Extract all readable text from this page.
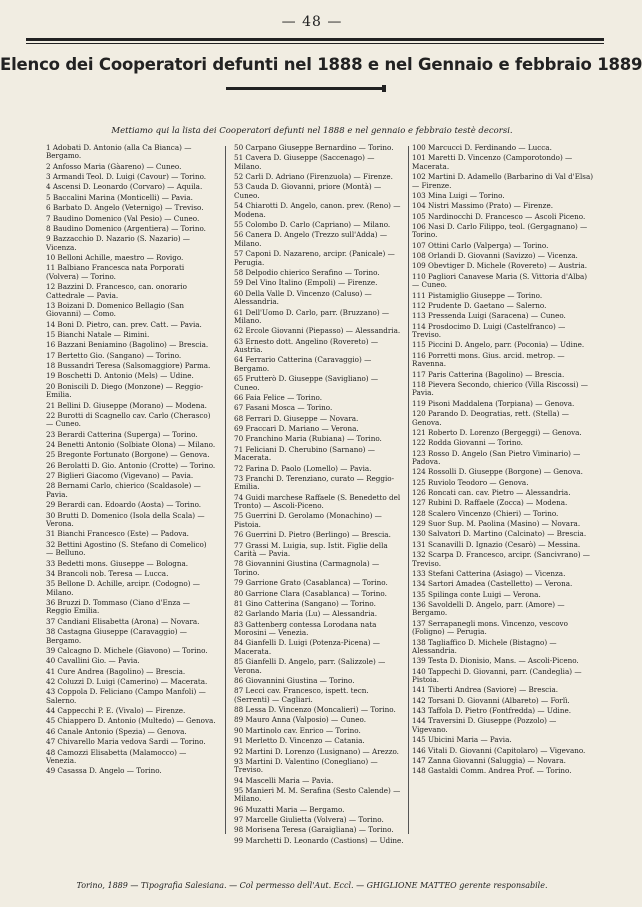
— 48 —
Elenco dei Cooperatori defunti nel 1888 e nel Gennaio e febbraio 1889
Mettiamo qui la lista dei Cooperatori defunti nel 1888 e nel gennaio e febbraio testè decorsi.
1 Adobati D. Antonio (alla Ca Bianca) — Bergamo.
2 Anfosso Maria (Gàareno) — Cuneo.
3 Armandi Teol. D. Luigi (Cavour) — Torino.
4 Ascensi D. Leonardo (Corvaro) — Aquila.
5 Baccalini Marina (Monticelli) — Pavia.
6 Barbato D. Angelo (Veternigo) — Treviso.
7 Baudino Domenico (Val Pesio) — Cuneo.
8 Baudino Domenico (Argentiera) — Torino.
9 Bazzacchio D. Nazario (S. Nazario) — Vicenza.
10 Belloni Achille, maestro — Rovigo.
11 Balbiano Francesca nata Porporati (Volvera) — Torino.
12 Bazzini D. Francesco, can. onorario Cattedrale — Pavia.
13 Boizani D. Domenico Bellagio (San Giovanni) — Como.
14 Boni D. Pietro, can. prev. Catt. — Pavia.
15 Bianchi Natale — Rimini.
16 Bazzani Beniamino (Bagolino) — Brescia.
17 Bertetto Gio. (Sangano) — Torino.
18 Bussandri Teresa (Salsomaggiore) Parma.
19 Boschetti D. Antonio (Mels) — Udine.
20 Boniscili D. Diego (Monzone) — Reggio-Emilia.
21 Bellini D. Giuseppe (Morano) — Modena.
22 Burotti di Scagnello cav. Carlo (Cherasco) — Cuneo.
23 Berardi Catterina (Superga) — Torino.
24 Benetti Antonio (Solbiate Olona) — Milano.
25 Bregonte Fortunato (Borgone) — Genova.
26 Berolatti D. Gio. Antonio (Crotte) — Torino.
27 Biglieri Giacomo (Vigevano) — Pavia.
28 Bernami Carlo, chierico (Scaldasole) — Pavia.
29 Berardi can. Edoardo (Aosta) — Torino.
30 Brutti D. Domenico (Isola della Scala) — Verona.
31 Bianchi Francesco (Este) — Padova.
32 Bettini Agostino (S. Stefano di Comelico) — Belluno.
33 Bedetti mons. Giuseppe — Bologna.
34 Brancoli nob. Teresa — Lucca.
35 Bellone D. Achille, arcipr. (Codogno) — Milano.
36 Bruzzi D. Tommaso (Ciano d'Enza — Reggio Emilia.
37 Candiani Elisabetta (Arona) — Novara.
38 Castagna Giuseppe (Caravaggio) — Bergamo.
39 Calcagno D. Michele (Giavono) — Torino.
40 Cavallini Gio. — Pavia.
41 Cure Andrea (Bagolino) — Brescia.
42 Coluzzi D. Luigi (Camerino) — Macerata.
43 Coppola D. Feliciano (Campo Manfoli) — Salerno.
44 Cappecchi P. E. (Vivalo) — Firenze.
45 Chiappero D. Antonio (Multedo) — Genova.
46 Canale Antonio (Spezia) — Genova.
47 Chivarello Maria vedova Sardi — Torino.
48 Camozzi Elisabetta (Malamocco) — Venezia.
49 Casassa D. Angelo — Torino.
50 Carpano Giuseppe Bernardino — Torino.
51 Cavera D. Giuseppe (Saccenago) — Milano.
52 Carli D. Adriano (Firenzuola) — Firenze.
53 Cauda D. Giovanni, priore (Montà) — Cuneo.
54 Chiarotti D. Angelo, canon. prev. (Reno) — Modena.
55 Colombo D. Carlo (Capriano) — Milano.
56 Canera D. Angelo (Trezzo sull'Adda) — Milano.
57 Caponi D. Nazareno, arcipr. (Panicale) — Perugia.
58 Delpodio chierico Serafino — Torino.
59 Del Vino Italino (Empoli) — Firenze.
60 Della Valle D. Vincenzo (Caluso) — Alessandria.
61 Dell'Uomo D. Carlo, parr. (Bruzzano) — Milano.
62 Ercole Giovanni (Piepasso) — Alessandria.
63 Ernesto dott. Angelino (Rovereto) — Austria.
64 Ferrario Catterina (Caravaggio) — Bergamo.
65 Frutterò D. Giuseppe (Savigliano) — Cuneo.
66 Faia Felice — Torino.
67 Fasani Mosca — Torino.
68 Ferrari D. Giuseppe — Novara.
69 Fraccari D. Mariano — Verona.
70 Franchino Maria (Rubiana) — Torino.
71 Feliciani D. Cherubino (Sarnano) — Macerata.
72 Farina D. Paolo (Lomello) — Pavia.
73 Franchi D. Terenziano, curato — Reggio-Emilia.
74 Guidi marchese Raffaele (S. Benedetto del Tronto) — Ascoli-Piceno.
75 Guerrini D. Gerolamo (Monachino) — Pistoia.
76 Guerrini D. Pietro (Berlingo) — Brescia.
77 Grassi M. Luigia, sup. Istit. Figlie della Carità — Pavia.
78 Giovannini Giustina (Carmagnola) — Torino.
79 Garrione Grato (Casablanca) — Torino.
80 Garrione Clara (Casablanca) — Torino.
81 Gino Catterina (Sangano) — Torino.
82 Garlando Maria (Lu) — Alessandria.
83 Gattenberg contessa Lorodana nata Morosini — Venezia.
84 Gianfelli D. Luigi (Potenza-Picena) — Macerata.
85 Gianfelli D. Angelo, parr. (Salizzole) — Verona.
86 Giovannini Giustina — Torino.
87 Lecci cav. Francesco, ispett. tecn. (Serrenti) — Cagliari.
88 Lessa D. Vincenzo (Moncalieri) — Torino.
89 Mauro Anna (Valposio) — Cuneo.
90 Martinolo cav. Enrico — Torino.
91 Merletto D. Vincenzo — Catania.
92 Martini D. Lorenzo (Lusignano) — Arezzo.
93 Martini D. Valentino (Conegliano) — Treviso.
94 Mascelli Maria — Pavia.
95 Manieri M. M. Serafina (Sesto Calende) — Milano.
96 Muzatti Maria — Bergamo.
97 Marcelle Giulietta (Volvera) — Torino.
98 Morisena Teresa (Garaigliana) — Torino.
99 Marchetti D. Leonardo (Castions) — Udine.
100 Marcucci D. Ferdinando — Lucca.
101 Maretti D. Vincenzo (Camporotondo) — Macerata.
102 Martini D. Adamello (Barbarino di Val d'Elsa) — Firenze.
103 Mina Luigi — Torino.
104 Nistri Massimo (Prato) — Firenze.
105 Nardinocchi D. Francesco — Ascoli Piceno.
106 Nasi D. Carlo Filippo, teol. (Gergagnano) — Torino.
107 Ottini Carlo (Valperga) — Torino.
108 Orlandi D. Giovanni (Savizzo) — Vicenza.
109 Obevtiger D. Michele (Rovereto) — Austria.
110 Pagliori Canavese Maria (S. Vittoria d'Alba) — Cuneo.
111 Pistamiglio Giuseppe — Torino.
112 Prudente D. Gaetano — Salerno.
113 Pressenda Luigi (Saracena) — Cuneo.
114 Prosdocimo D. Luigi (Castelfranco) — Treviso.
115 Piccini D. Angelo, parr. (Poconia) — Udine.
116 Porretti mons. Gius. arcid. metrop. — Ravenna.
117 Paris Catterina (Bagolino) — Brescia.
118 Pievera Secondo, chierico (Villa Riscossi) — Pavia.
119 Pisoni Maddalena (Torpiana) — Genova.
120 Parando D. Deogratias, rett. (Stella) — Genova.
121 Roberto D. Lorenzo (Bergeggi) — Genova.
122 Rodda Giovanni — Torino.
123 Rosso D. Angelo (San Pietro Viminario) — Padova.
124 Rossolli D. Giuseppe (Borgone) — Genova.
125 Ruviolo Teodoro — Genova.
126 Roncati can. cav. Pietro — Alessandria.
127 Rubini D. Raffaele (Zocca) — Modena.
128 Scalero Vincenzo (Chieri) — Torino.
129 Suor Sup. M. Paolina (Masino) — Novara.
130 Salvatori D. Martino (Calcinato) — Brescia.
131 Scanavilli D. Ignazio (Cesarò) — Messina.
132 Scarpa D. Francesco, arcipr. (Sancivrano) — Treviso.
133 Stefani Catterina (Asiago) — Vicenza.
134 Sartori Amadea (Castelletto) — Verona.
135 Spilinga conte Luigi — Verona.
136 Savoldelli D. Angelo, parr. (Amore) — Bergamo.
137 Serrapanegli mons. Vincenzo, vescovo (Foligno) — Perugia.
138 Tagliaffico D. Michele (Bistagno) — Alessandria.
139 Testa D. Dionisio, Mans. — Ascoli-Piceno.
140 Tappechi D. Giovanni, parr. (Candeglia) — Pistoia.
141 Tiberti Andrea (Saviore) — Brescia.
142 Torsani D. Giovanni (Albareto) — Forlì.
143 Taffola D. Pietro (Fontfredda) — Udine.
144 Traversini D. Giuseppe (Pozzolo) — Vigevano.
145 Ubicini Maria — Pavia.
146 Vitali D. Giovanni (Capitolaro) — Vigevano.
147 Zanna Giovanni (Saluggia) — Novara.
148 Gastaldi Comm. Andrea Prof. — Torino.
Torino, 1889 — Tipografia Salesiana. — Col permesso dell'Aut. Eccl. — GHIGLIONE MATTEO gerente responsabile.
